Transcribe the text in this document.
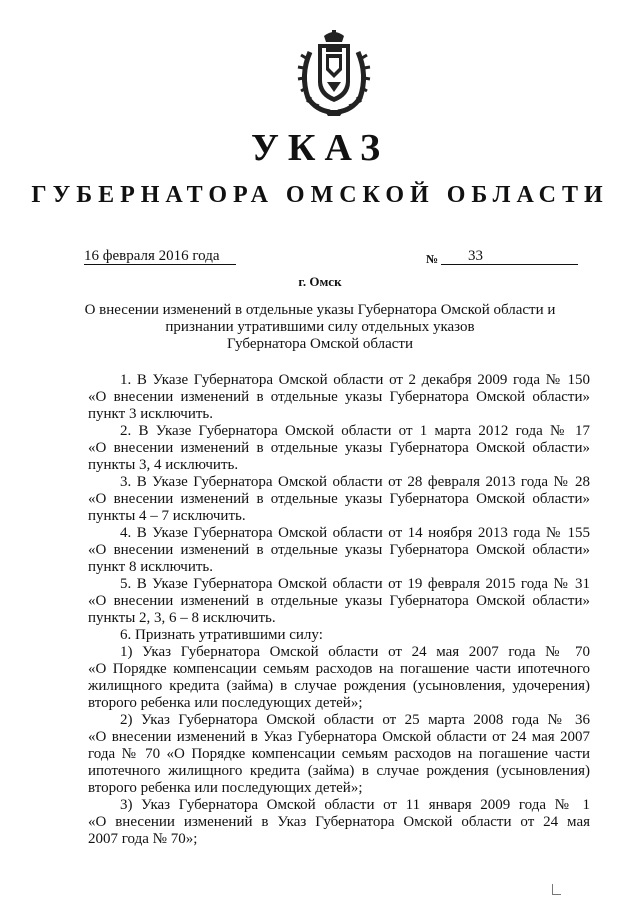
УКАЗ
ГУБЕРНАТОРА ОМСКОЙ ОБЛАСТИ
16 февраля 2016 года	№	33
г. Омск
О внесении изменений в отдельные указы Губернатора Омской области и
признании утратившими силу отдельных указов
Губернатора Омской области
1. В Указе Губернатора Омской области от 2 декабря 2009 года № 150
«О внесении изменений в отдельные указы Губернатора Омской области»
пункт 3 исключить.
2. В Указе Губернатора Омской области от 1 марта 2012 года № 17
«О внесении изменений в отдельные указы Губернатора Омской области»
пункты 3, 4 исключить.
3. В Указе Губернатора Омской области от 28 февраля 2013 года № 28
«О внесении изменений в отдельные указы Губернатора Омской области»
пункты 4 – 7 исключить.
4. В Указе Губернатора Омской области от 14 ноября 2013 года № 155
«О внесении изменений в отдельные указы Губернатора Омской области»
пункт 8 исключить.
5. В Указе Губернатора Омской области от 19 февраля 2015 года № 31
«О внесении изменений в отдельные указы Губернатора Омской области»
пункты 2, 3, 6 – 8 исключить.
6. Признать утратившими силу:
1) Указ Губернатора Омской области от 24 мая 2007 года № 70
«О Порядке компенсации семьям расходов на погашение части ипотечного
жилищного кредита (займа) в случае рождения (усыновления, удочерения)
второго ребенка или последующих детей»;
2) Указ Губернатора Омской области от 25 марта 2008 года № 36
«О внесении изменений в Указ Губернатора Омской области от 24 мая 2007
года № 70 «О Порядке компенсации семьям расходов на погашение части
ипотечного жилищного кредита (займа) в случае рождения (усыновления)
второго ребенка или последующих детей»;
3) Указ Губернатора Омской области от 11 января 2009 года № 1
«О внесении изменений в Указ Губернатора Омской области от 24 мая
2007 года № 70»;
